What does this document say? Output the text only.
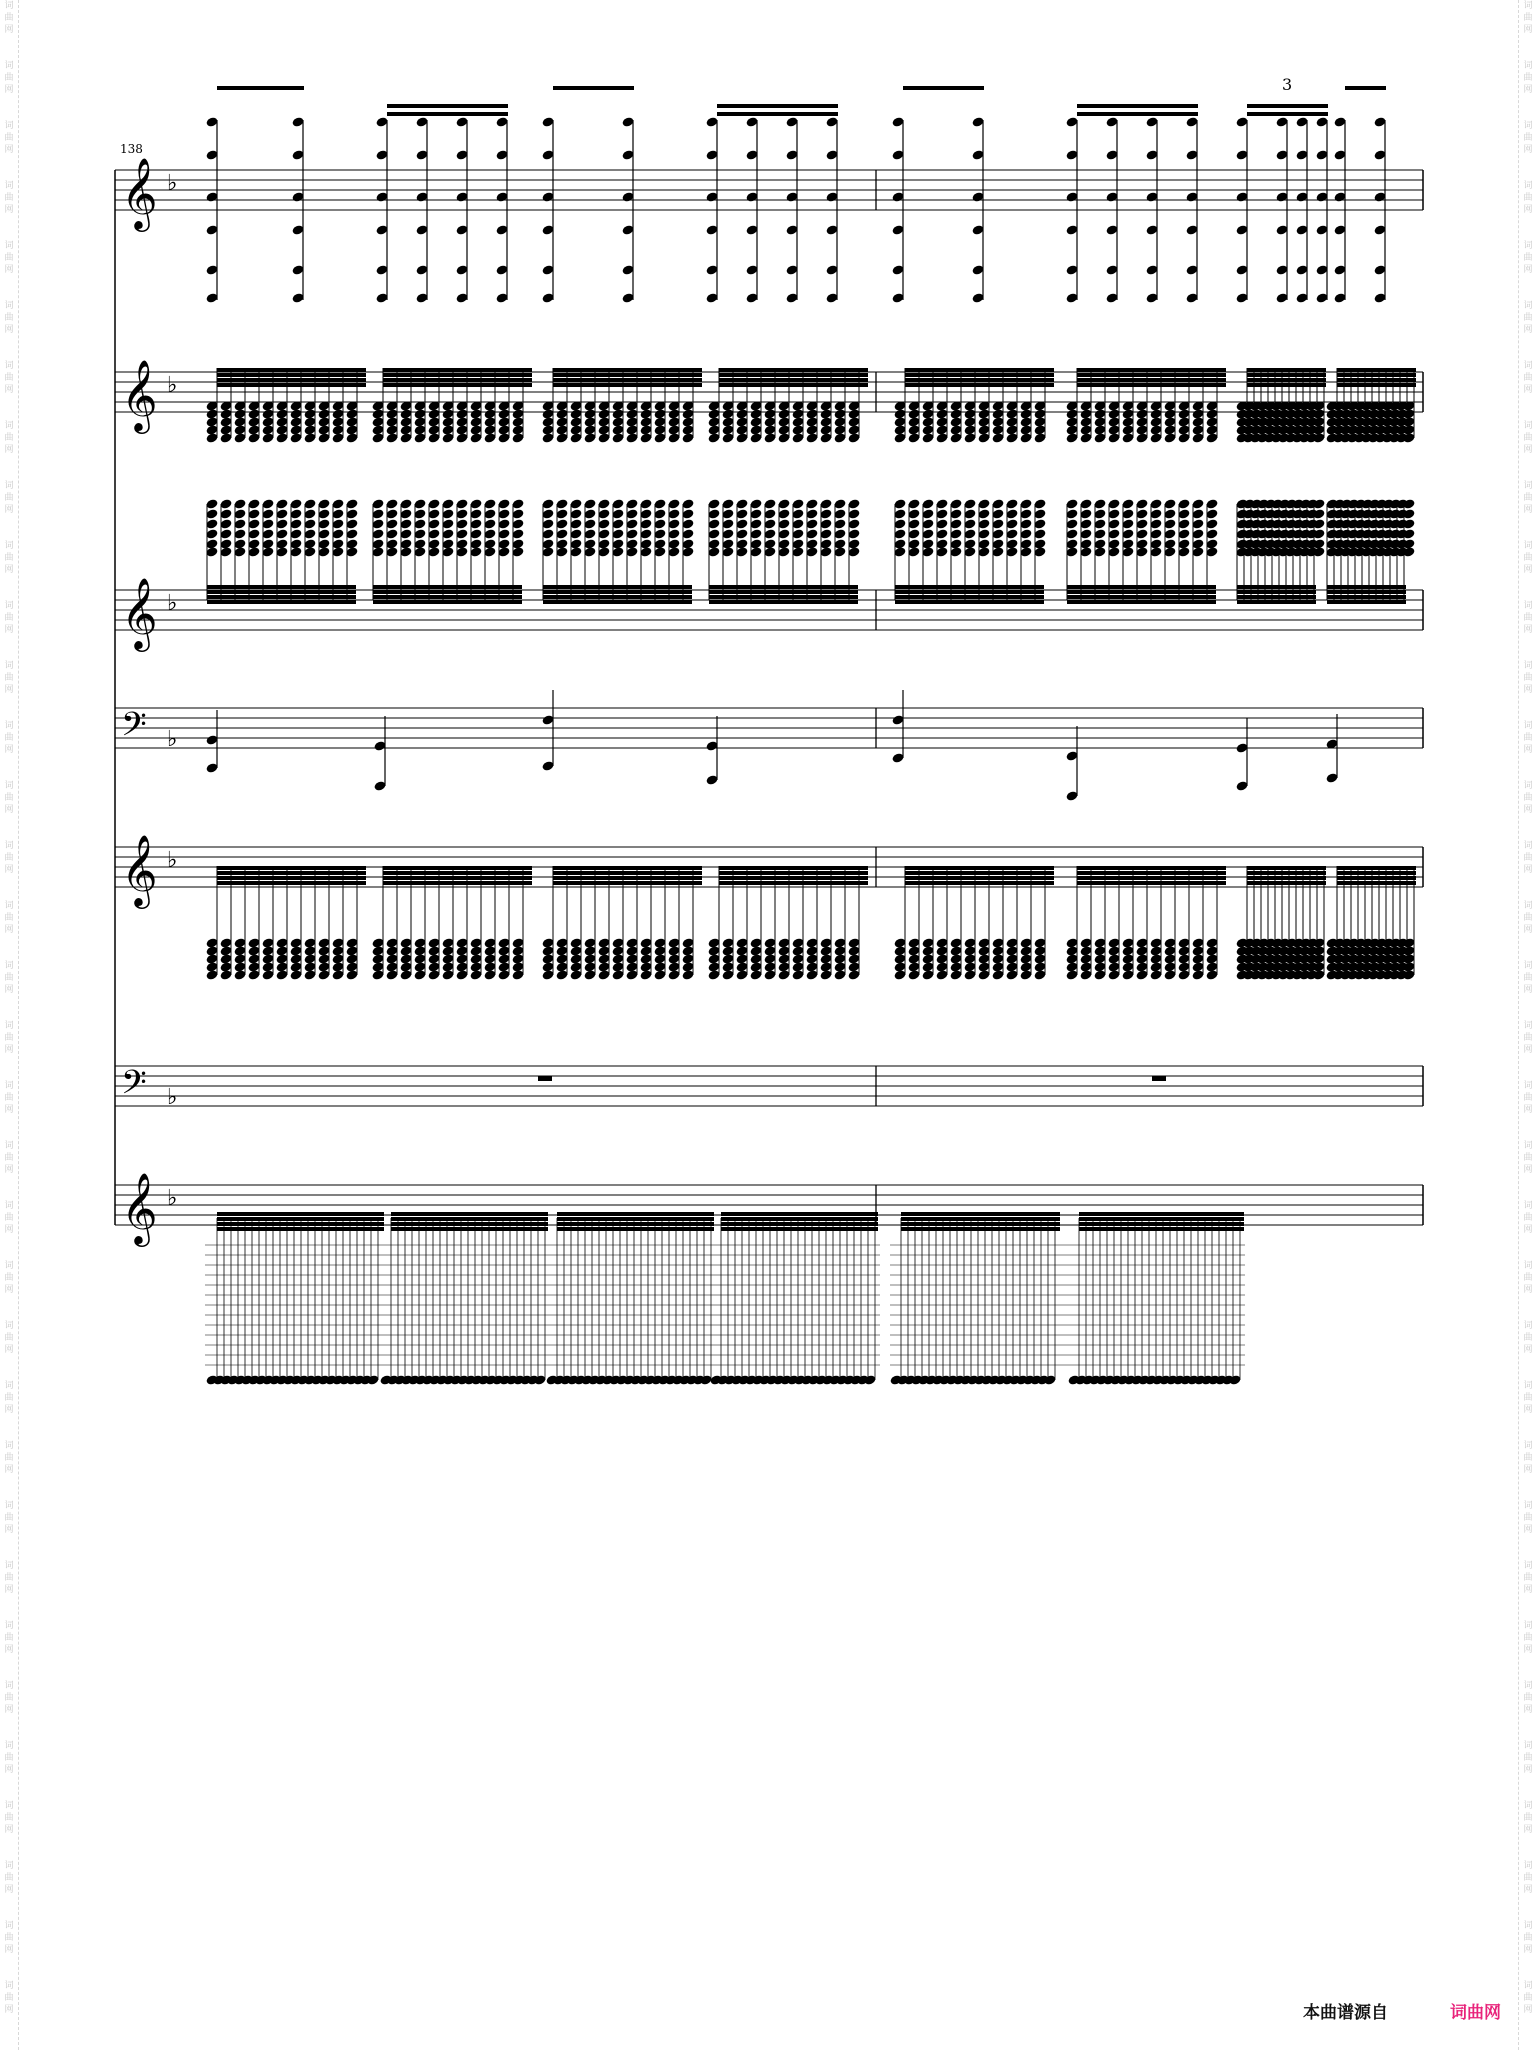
词
曲
网
词
曲
网
词
曲
网
词
曲
网
词
曲
网
词
曲
网
词
曲
网
词
曲
网
词
曲
网
词
曲
网
词
曲
网
词
曲
网
词
曲
网
词
曲
网
词
曲
网
词
曲
网
词
曲
网
词
曲
网
词
曲
网
词
曲
网
词
曲
网
词
曲
网
词
曲
网
词
曲
网
词
曲
网
词
曲
网
词
曲
网
词
曲
网
词
曲
网
词
曲
网
词
曲
网
词
曲
网
词
曲
网
词
曲
网
词
曲
网
词
曲
网
词
曲
网
词
曲
网
词
曲
网
词
曲
网
词
曲
网
词
曲
网
词
曲
网
词
曲
网
词
曲
网
词
曲
网
词
曲
网
词
曲
网
词
曲
网
词
曲
网
词
曲
网
词
曲
网
词
曲
网
词
曲
网
词
曲
网
词
曲
网
词
曲
网
词
曲
网
词
曲
网
词
曲
网
词
曲
网
词
曲
网
词
曲
网
词
曲
网
词
曲
网
词
曲
网
词
曲
网
词
曲
网
𝄞 ♭
𝄞 ♭
𝄞 ♭
𝄢 ♭
𝄞 ♭
𝄢 ♭
𝄞 ♭
138
3
本曲谱源自	词曲网
